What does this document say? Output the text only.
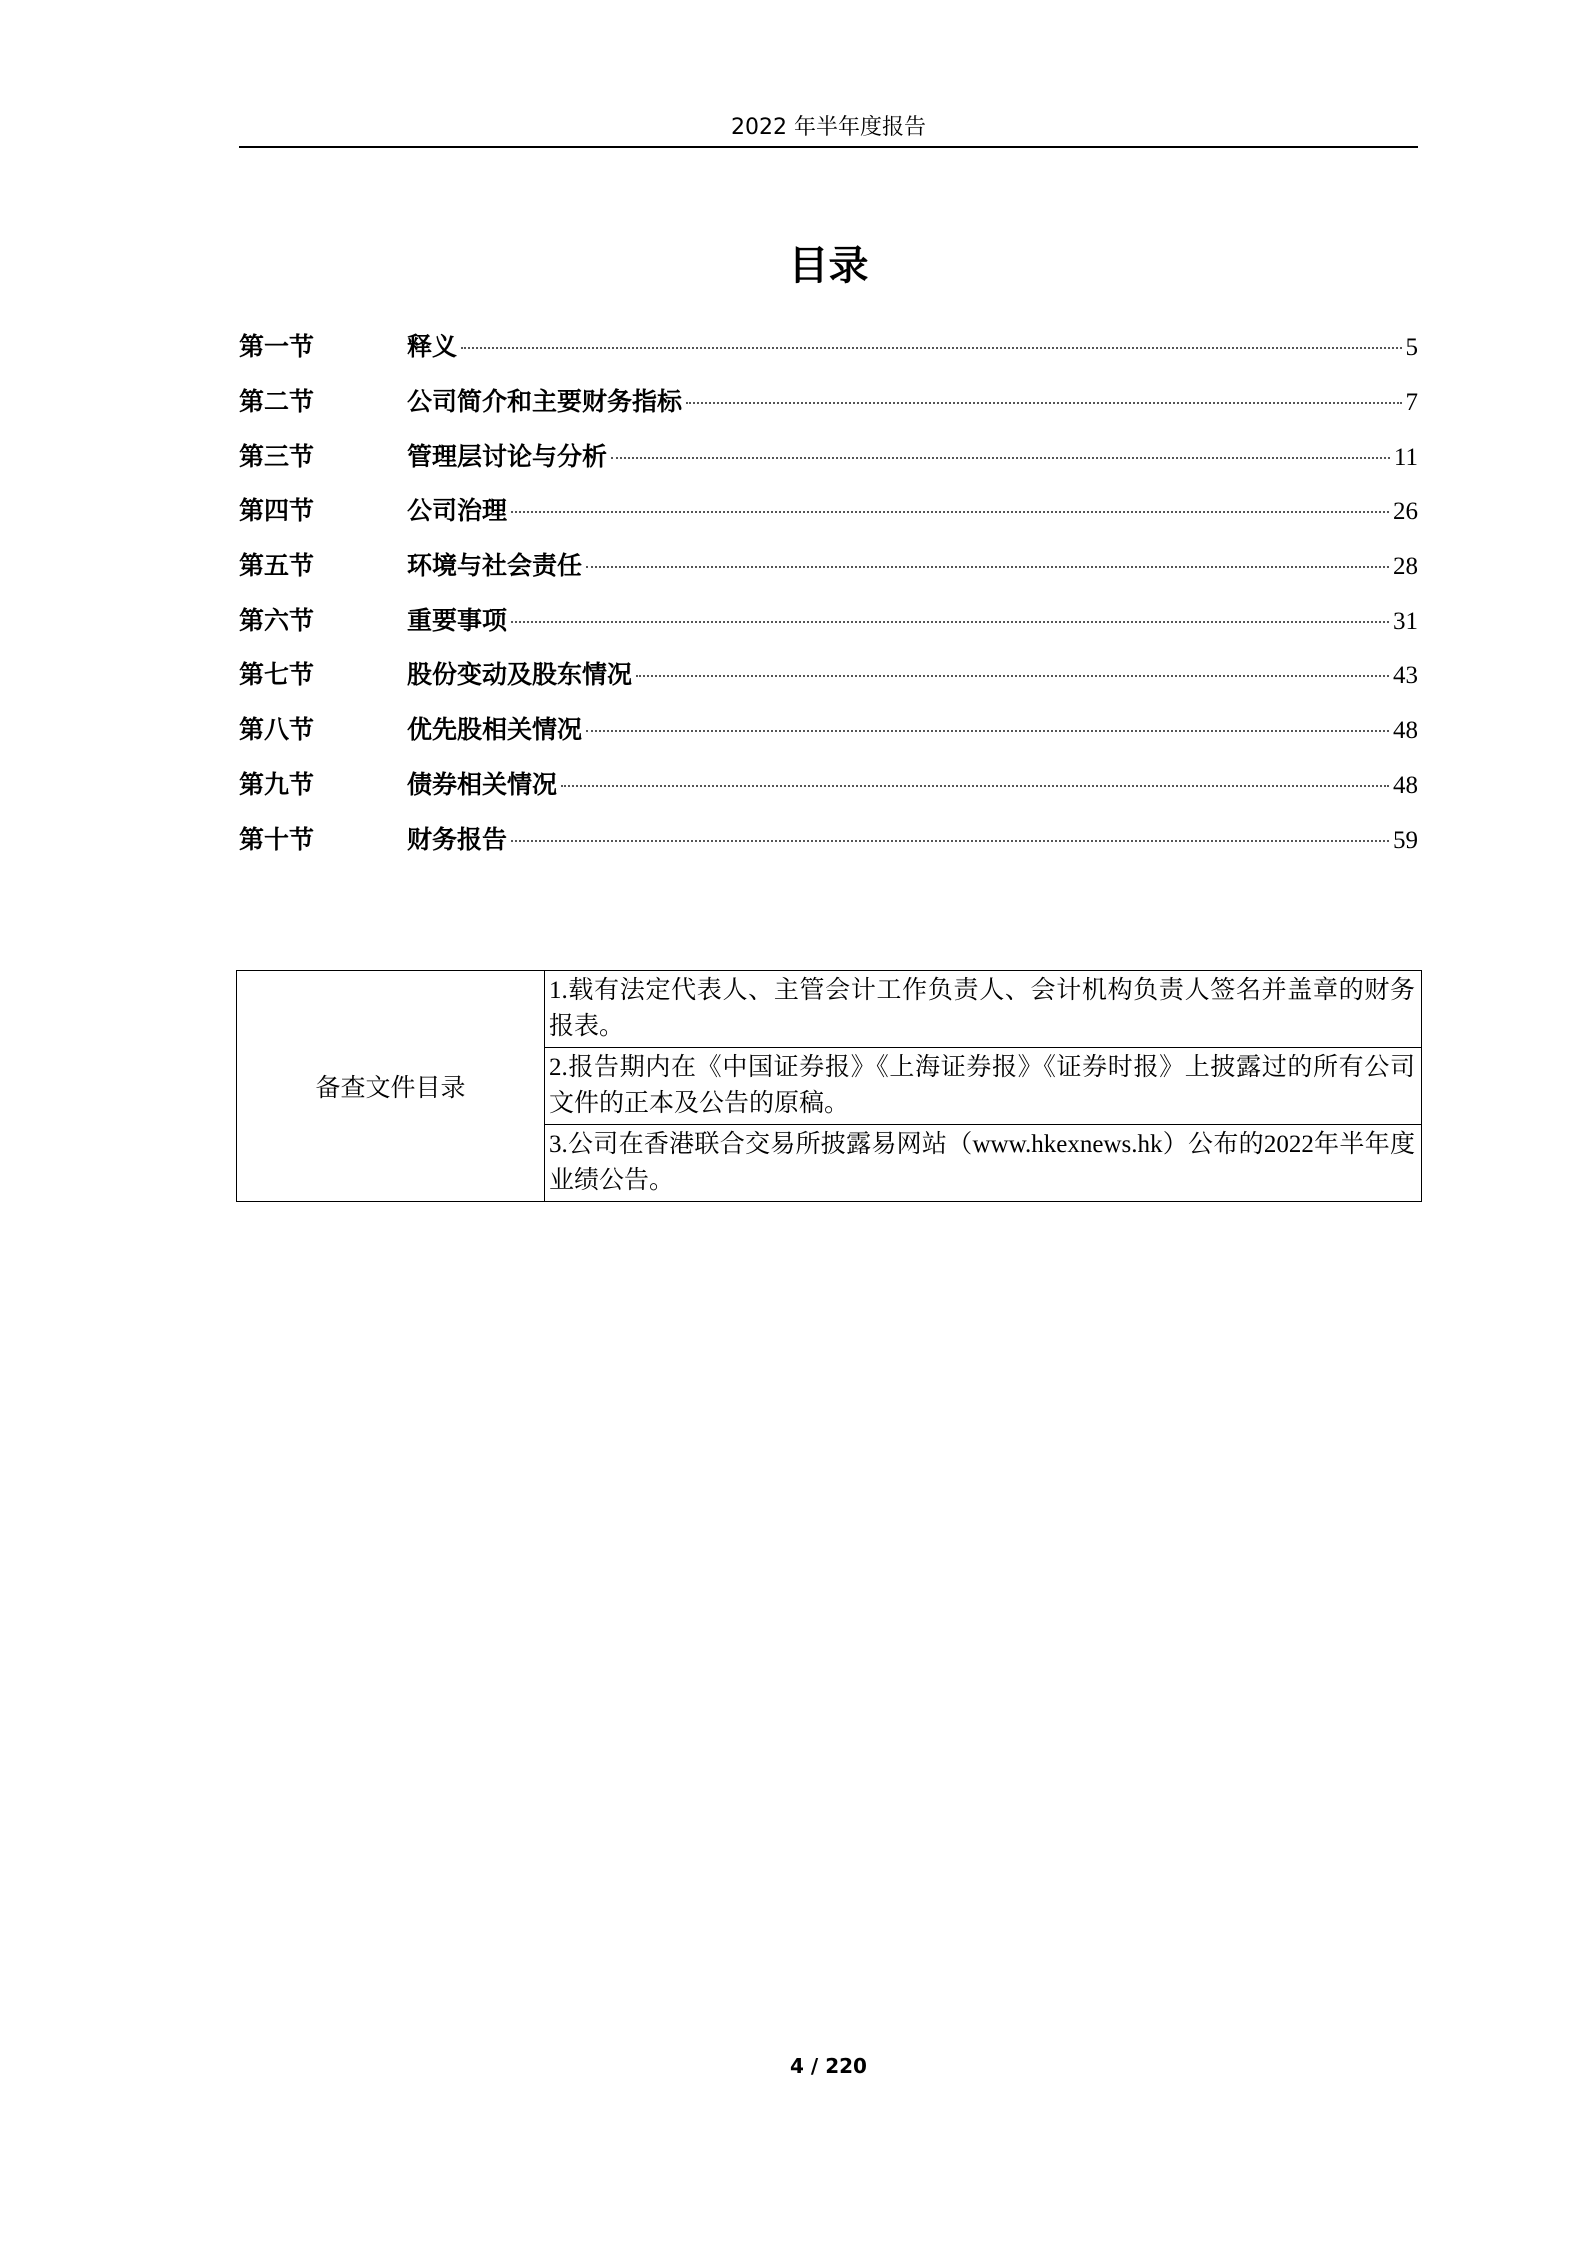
2022 年半年度报告
目录
第一节	释义	5
第二节	公司简介和主要财务指标	7
第三节	管理层讨论与分析	11
第四节	公司治理	26
第五节	环境与社会责任	28
第六节	重要事项	31
第七节	股份变动及股东情况	43
第八节	优先股相关情况	48
第九节	债券相关情况	48
第十节	财务报告	59
备查文件目录	1.载有法定代表人、主管会计工作负责人、会计机构负责人签名并盖章的财务报表。
2.报告期内在《中国证券报》《上海证券报》《证券时报》上披露过的所有公司文件的正本及公告的原稿。
3.公司在香港联合交易所披露易网站（www.hkexnews.hk）公布的2022年半年度业绩公告。
4 / 220
